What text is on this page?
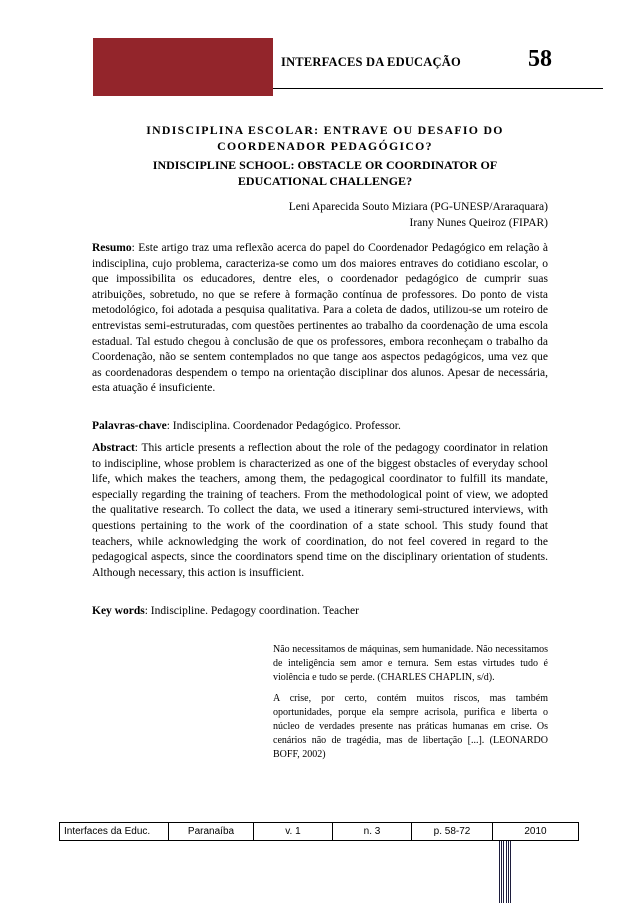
INTERFACES DA EDUCAÇÃO	58
INDISCIPLINA ESCOLAR: ENTRAVE OU DESAFIO DO
COORDENADOR PEDAGÓGICO?
INDISCIPLINE SCHOOL: OBSTACLE OR COORDINATOR OF
EDUCATIONAL CHALLENGE?
Leni Aparecida Souto Miziara (PG-UNESP/Araraquara)
Irany Nunes Queiroz (FIPAR)

Resumo: Este artigo traz uma reflexão acerca do papel do Coordenador Pedagógico em relação à indisciplina, cujo problema, caracteriza-se como um dos maiores entraves do cotidiano escolar, o que impossibilita os educadores, dentre eles, o coordenador pedagógico de cumprir suas atribuições, sobretudo, no que se refere à formação contínua de professores. Do ponto de vista metodológico, foi adotada a pesquisa qualitativa. Para a coleta de dados, utilizou-se um roteiro de entrevistas semi-estruturadas, com questões pertinentes ao trabalho da coordenação de uma escola estadual. Tal estudo chegou à conclusão de que os professores, embora reconheçam o trabalho da Coordenação, não se sentem contemplados no que tange aos aspectos pedagógicos, uma vez que as coordenadoras despendem o tempo na orientação disciplinar dos alunos. Apesar de necessária, esta atuação é insuficiente.

Palavras-chave: Indisciplina. Coordenador Pedagógico. Professor.

Abstract: This article presents a reflection about the role of the pedagogy coordinator in relation to indiscipline, whose problem is characterized as one of the biggest obstacles of everyday school life, which makes the teachers, among them, the pedagogical coordinator to fulfill its mandate, especially regarding the training of teachers. From the methodological point of view, we adopted the qualitative research. To collect the data, we used a itinerary semi-structured interviews, with questions pertaining to the work of the coordination of a state school. This study found that teachers, while acknowledging the work of coordination, do not feel covered in regard to the pedagogical aspects, since the coordinators spend time on the disciplinary orientation of students. Although necessary, this action is insufficient.

Key words: Indiscipline. Pedagogy coordination. Teacher

Não necessitamos de máquinas, sem humanidade. Não necessitamos de inteligência sem amor e ternura. Sem estas virtudes tudo é violência e tudo se perde. (CHARLES CHAPLIN, s/d).

A crise, por certo, contém muitos riscos, mas também oportunidades, porque ela sempre acrisola, purifica e liberta o núcleo de verdades presente nas práticas humanas em crise. Os cenários não de tragédia, mas de libertação [...]. (LEONARDO BOFF, 2002)

Interfaces da Educ.	Paranaíba	v. 1	n. 3	p. 58-72	2010
